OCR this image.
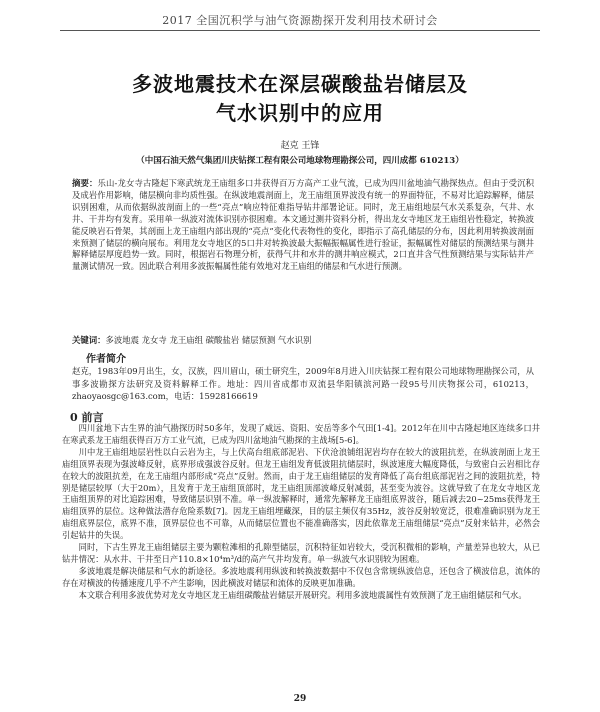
2017 全国沉积学与油气资源勘探开发利用技术研讨会
多波地震技术在深层碳酸盐岩储层及
气水识别中的应用
赵克 王锋
（中国石油天然气集团川庆钻探工程有限公司地球物理勘探公司，四川成都 610213）
摘要：乐山-龙女寺古隆起下寒武统龙王庙组多口井获得百万方高产工业气流，已成为四川盆地油气勘探热点。但由于受沉积及成岩作用影响，储层横向非均质性强。在纵波地震剖面上，龙王庙组顶界波没有统一的界面特征，不易对比追踪解释，储层识别困难，从而依据纵波剖面上的一些“亮点”响应特征难指导钻井部署论证。同时，龙王庙组地层气水关系复杂，气井、水井、干井均有发育。采用单一纵波对流体识别亦很困难。本文通过测井资料分析，得出龙女寺地区龙王庙组岩性稳定，转换波能反映岩石骨架，其剖面上龙王庙组内部出现的“亮点”变化代表物性的变化，即指示了高孔储层的分布，因此利用转换波剖面来预测了储层的横向展布。利用龙女寺地区的5口井对转换波最大振幅振幅属性进行验证，振幅属性对储层的预测结果与测井解释储层厚度趋势一致。同时，根据岩石物理分析，获得气井和水井的测井响应模式，2口直井含气性预测结果与实际钻井产量测试情况一致。因此联合利用多波振幅属性能有效地对龙王庙组的储层和气水进行预测。
关键词：多波地震 龙女寺 龙王庙组 碳酸盐岩 储层预测 气水识别
作者简介
赵克，1983年09月出生，女，汉族，四川眉山，硕士研究生，2009年8月进入川庆钻探工程有限公司地球物理勘探公司，从事多波勘探方法研究及资料解释工作。地址：四川省成都市双流县华阳镇滨河路一段95号川庆物探公司，610213，zhaoyaosgc@163.com，电话：15928166619
0 前言

四川盆地下古生界的油气勘探历时50多年，发现了威远、资阳、安岳等多个气田[1-4]。2012年在川中古隆起地区连续多口井在寒武系龙王庙组获得百万方工业气流，已成为四川盆地油气勘探的主战场[5-6]。

川中龙王庙组地层岩性以白云岩为主，与上伏高台组底部泥岩、下伏沧浪铺组泥岩均存在较大的波阻抗差，在纵波剖面上龙王庙组顶界表现为强波峰反射，底界形成强波谷反射。但龙王庙组发育低波阻抗储层时，纵波速度大幅度降低，与致密白云岩相比存在较大的波阻抗差，在龙王庙组内部形成“亮点”反射。然而，由于龙王庙组储层的发育降低了高台组底部泥岩之间的波阻抗差，特别是储层较厚（大于20m），且发育于龙王庙组顶部时，龙王庙组顶部波峰反射减弱，甚至变为波谷。这就导致了在龙女寺地区龙王庙组顶界的对比追踪困难，导致储层识别不准。单一纵波解释时，通常先解释龙王庙组底界波谷，随后减去20~25ms获得龙王庙组顶界的层位。这种做法潜存危险系数[7]。因龙王庙组埋藏深，目的层主频仅有35Hz，波谷反射较宽泛，很难准确识别为龙王庙组底界层位，底界不准，顶界层位也不可靠，从而储层位置也不能准确落实，因此依靠龙王庙组储层“亮点”反射来钻井，必然会引起钻井的失误。

同时，下古生界龙王庙组储层主要为颗粒滩相的孔隙型储层，沉积特征如岩较大，受沉积微相的影响，产量差异也较大，从已钻井情况：从水井、干井至日产110.8×10⁴m³/d的高产气井均发育。单一纵波气水识别较为困难。

多波地震是解决储层和气水的新途径。多波地震利用纵波和转换波数据中不仅包含常规纵波信息，还包含了横波信息，流体的存在对横波的传播速度几乎不产生影响，因此横波对储层和流体的反映更加准确。

本文联合利用多波优势对龙女寺地区龙王庙组碳酸盐岩储层开展研究。利用多波地震属性有效预测了龙王庙组储层和气水。

29
